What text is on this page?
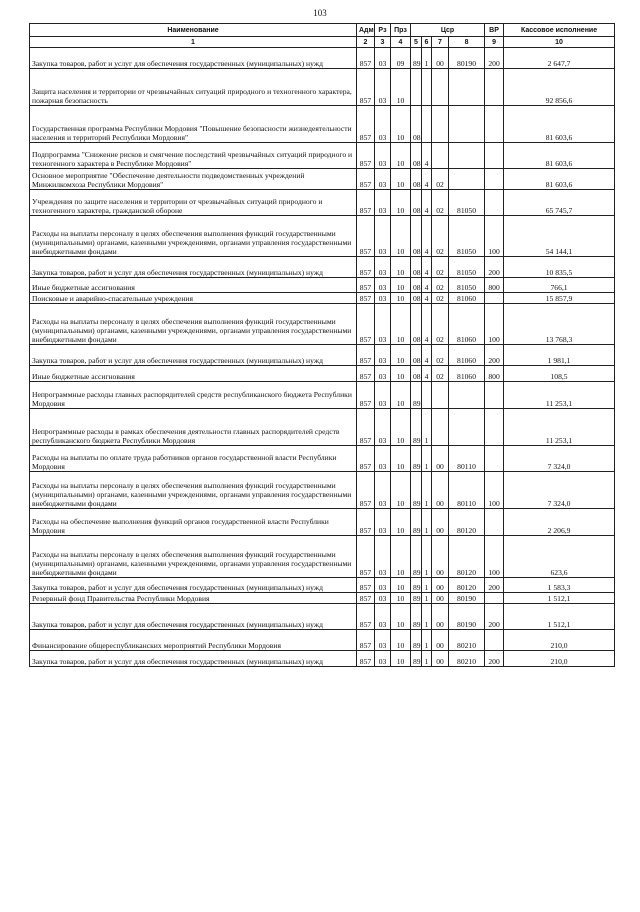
103
Наименование	Адм	Рз	Прз	Цср				ВР	Кассовое исполнение
1	2	3	4	5	6	7	8	9	10
Закупка товаров, работ и услуг для обеспечения государственных (муниципальных) нужд	857	03	09	89	1	00	80190	200	2 647,7
Защита населения и территории от чрезвычайных ситуаций природного и техногенного характера, пожарная безопасность	857	03	10						92 856,6
Государственная программа Республики Мордовия "Повышение безопасности жизнедеятельности населения и территорий Республики Мордовия"	857	03	10	08					81 603,6
Подпрограмма "Снижение рисков и смягчение последствий чрезвычайных ситуаций природного и техногенного характера в Республике Мордовия"	857	03	10	08	4				81 603,6
Основное мероприятие "Обеспечение деятельности подведомственных учреждений Минжилкомхоза Республики Мордовия"	857	03	10	08	4	02			81 603,6
Учреждения по защите населения и территории от чрезвычайных ситуаций природного и техногенного характера, гражданской обороне	857	03	10	08	4	02	81050		65 745,7
Расходы на выплаты персоналу в целях обеспечения выполнения функций государственными (муниципальными) органами, казенными учреждениями, органами управления государственными внебюджетными фондами	857	03	10	08	4	02	81050	100	54 144,1
Закупка товаров, работ и услуг для обеспечения государственных (муниципальных) нужд	857	03	10	08	4	02	81050	200	10 835,5
Иные бюджетные ассигнования	857	03	10	08	4	02	81050	800	766,1
Поисковые и аварийно-спасательные учреждения	857	03	10	08	4	02	81060		15 857,9
Расходы на выплаты персоналу в целях обеспечения выполнения функций государственными (муниципальными) органами, казенными учреждениями, органами управления государственными внебюджетными фондами	857	03	10	08	4	02	81060	100	13 768,3
Закупка товаров, работ и услуг для обеспечения государственных (муниципальных) нужд	857	03	10	08	4	02	81060	200	1 981,1
Иные бюджетные ассигнования	857	03	10	08	4	02	81060	800	108,5
Непрограммные расходы главных распорядителей средств республиканского бюджета Республики Мордовия	857	03	10	89					11 253,1
Непрограммные расходы в рамках обеспечения деятельности главных распорядителей средств республиканского бюджета Республики Мордовия	857	03	10	89	1				11 253,1
Расходы на выплаты по оплате труда работников органов государственной власти Республики Мордовия	857	03	10	89	1	00	80110		7 324,0
Расходы на выплаты персоналу в целях обеспечения выполнения функций государственными (муниципальными) органами, казенными учреждениями, органами управления государственными внебюджетными фондами	857	03	10	89	1	00	80110	100	7 324,0
Расходы на обеспечение выполнения функций органов государственной власти Республики Мордовия	857	03	10	89	1	00	80120		2 206,9
Расходы на выплаты персоналу в целях обеспечения выполнения функций государственными (муниципальными) органами, казенными учреждениями, органами управления государственными внебюджетными фондами	857	03	10	89	1	00	80120	100	623,6
Закупка товаров, работ и услуг для обеспечения государственных (муниципальных) нужд	857	03	10	89	1	00	80120	200	1 583,3
Резервный фонд Правительства Республики Мордовия	857	03	10	89	1	00	80190		1 512,1
Закупка товаров, работ и услуг для обеспечения государственных (муниципальных) нужд	857	03	10	89	1	00	80190	200	1 512,1
Финансирование общереспубликанских мероприятий Республики Мордовия	857	03	10	89	1	00	80210		210,0
Закупка товаров, работ и услуг для обеспечения государственных (муниципальных) нужд	857	03	10	89	1	00	80210	200	210,0
